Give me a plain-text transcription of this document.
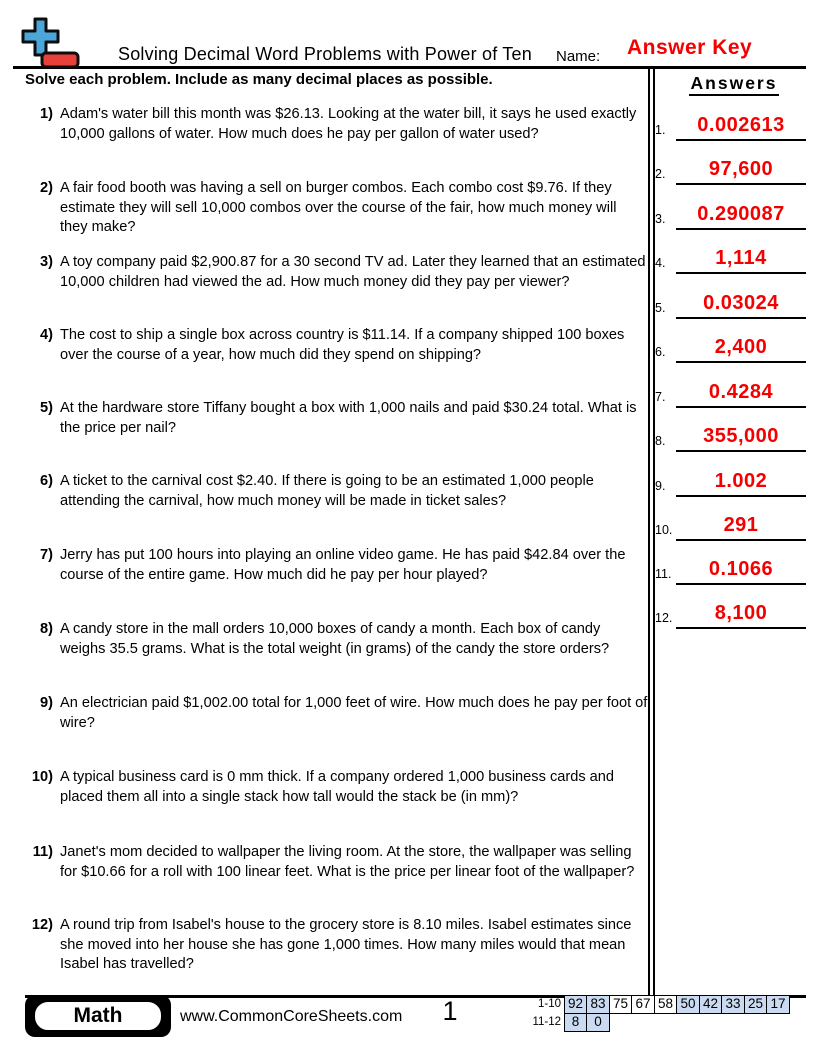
Solving Decimal Word Problems with Power of Ten Name: Answer Key
Solve each problem. Include as many decimal places as possible.	Answers
1.	0.002613
2.	97,600
3.	0.290087
4.	1,114
5.	0.03024
6.	2,400
7.	0.4284
8.	355,000
9.	1.002
10.	291
11.	0.1066
12.	8,100
1) Adam's water bill this month was $26.13. Looking at the water bill, it says he used exactly 10,000 gallons of water. How much does he pay per gallon of water used?
2) A fair food booth was having a sell on burger combos. Each combo cost $9.76. If they estimate they will sell 10,000 combos over the course of the fair, how much money will they make?
3) A toy company paid $2,900.87 for a 30 second TV ad. Later they learned that an estimated 10,000 children had viewed the ad. How much money did they pay per viewer?
4) The cost to ship a single box across country is $11.14. If a company shipped 100 boxes over the course of a year, how much did they spend on shipping?
5) At the hardware store Tiffany bought a box with 1,000 nails and paid $30.24 total. What is the price per nail?
6) A ticket to the carnival cost $2.40. If there is going to be an estimated 1,000 people attending the carnival, how much money will be made in ticket sales?
7) Jerry has put 100 hours into playing an online video game. He has paid $42.84 over the course of the entire game. How much did he pay per hour played?
8) A candy store in the mall orders 10,000 boxes of candy a month. Each box of candy weighs 35.5 grams. What is the total weight (in grams) of the candy the store orders?
9) An electrician paid $1,002.00 total for 1,000 feet of wire. How much does he pay per foot of wire?
10) A typical business card is 0 mm thick. If a company ordered 1,000 business cards and placed them all into a single stack how tall would the stack be (in mm)?
11) Janet's mom decided to wallpaper the living room. At the store, the wallpaper was selling for $10.66 for a roll with 100 linear feet. What is the price per linear foot of the wallpaper?
12) A round trip from Isabel's house to the grocery store is 8.10 miles. Isabel estimates since she moved into her house she has gone 1,000 times. How many miles would that mean Isabel has travelled?
Math	www.CommonCoreSheets.com	1	1-10 92 83 75 67 58 50 42 33 25 17
11-12 8	0
